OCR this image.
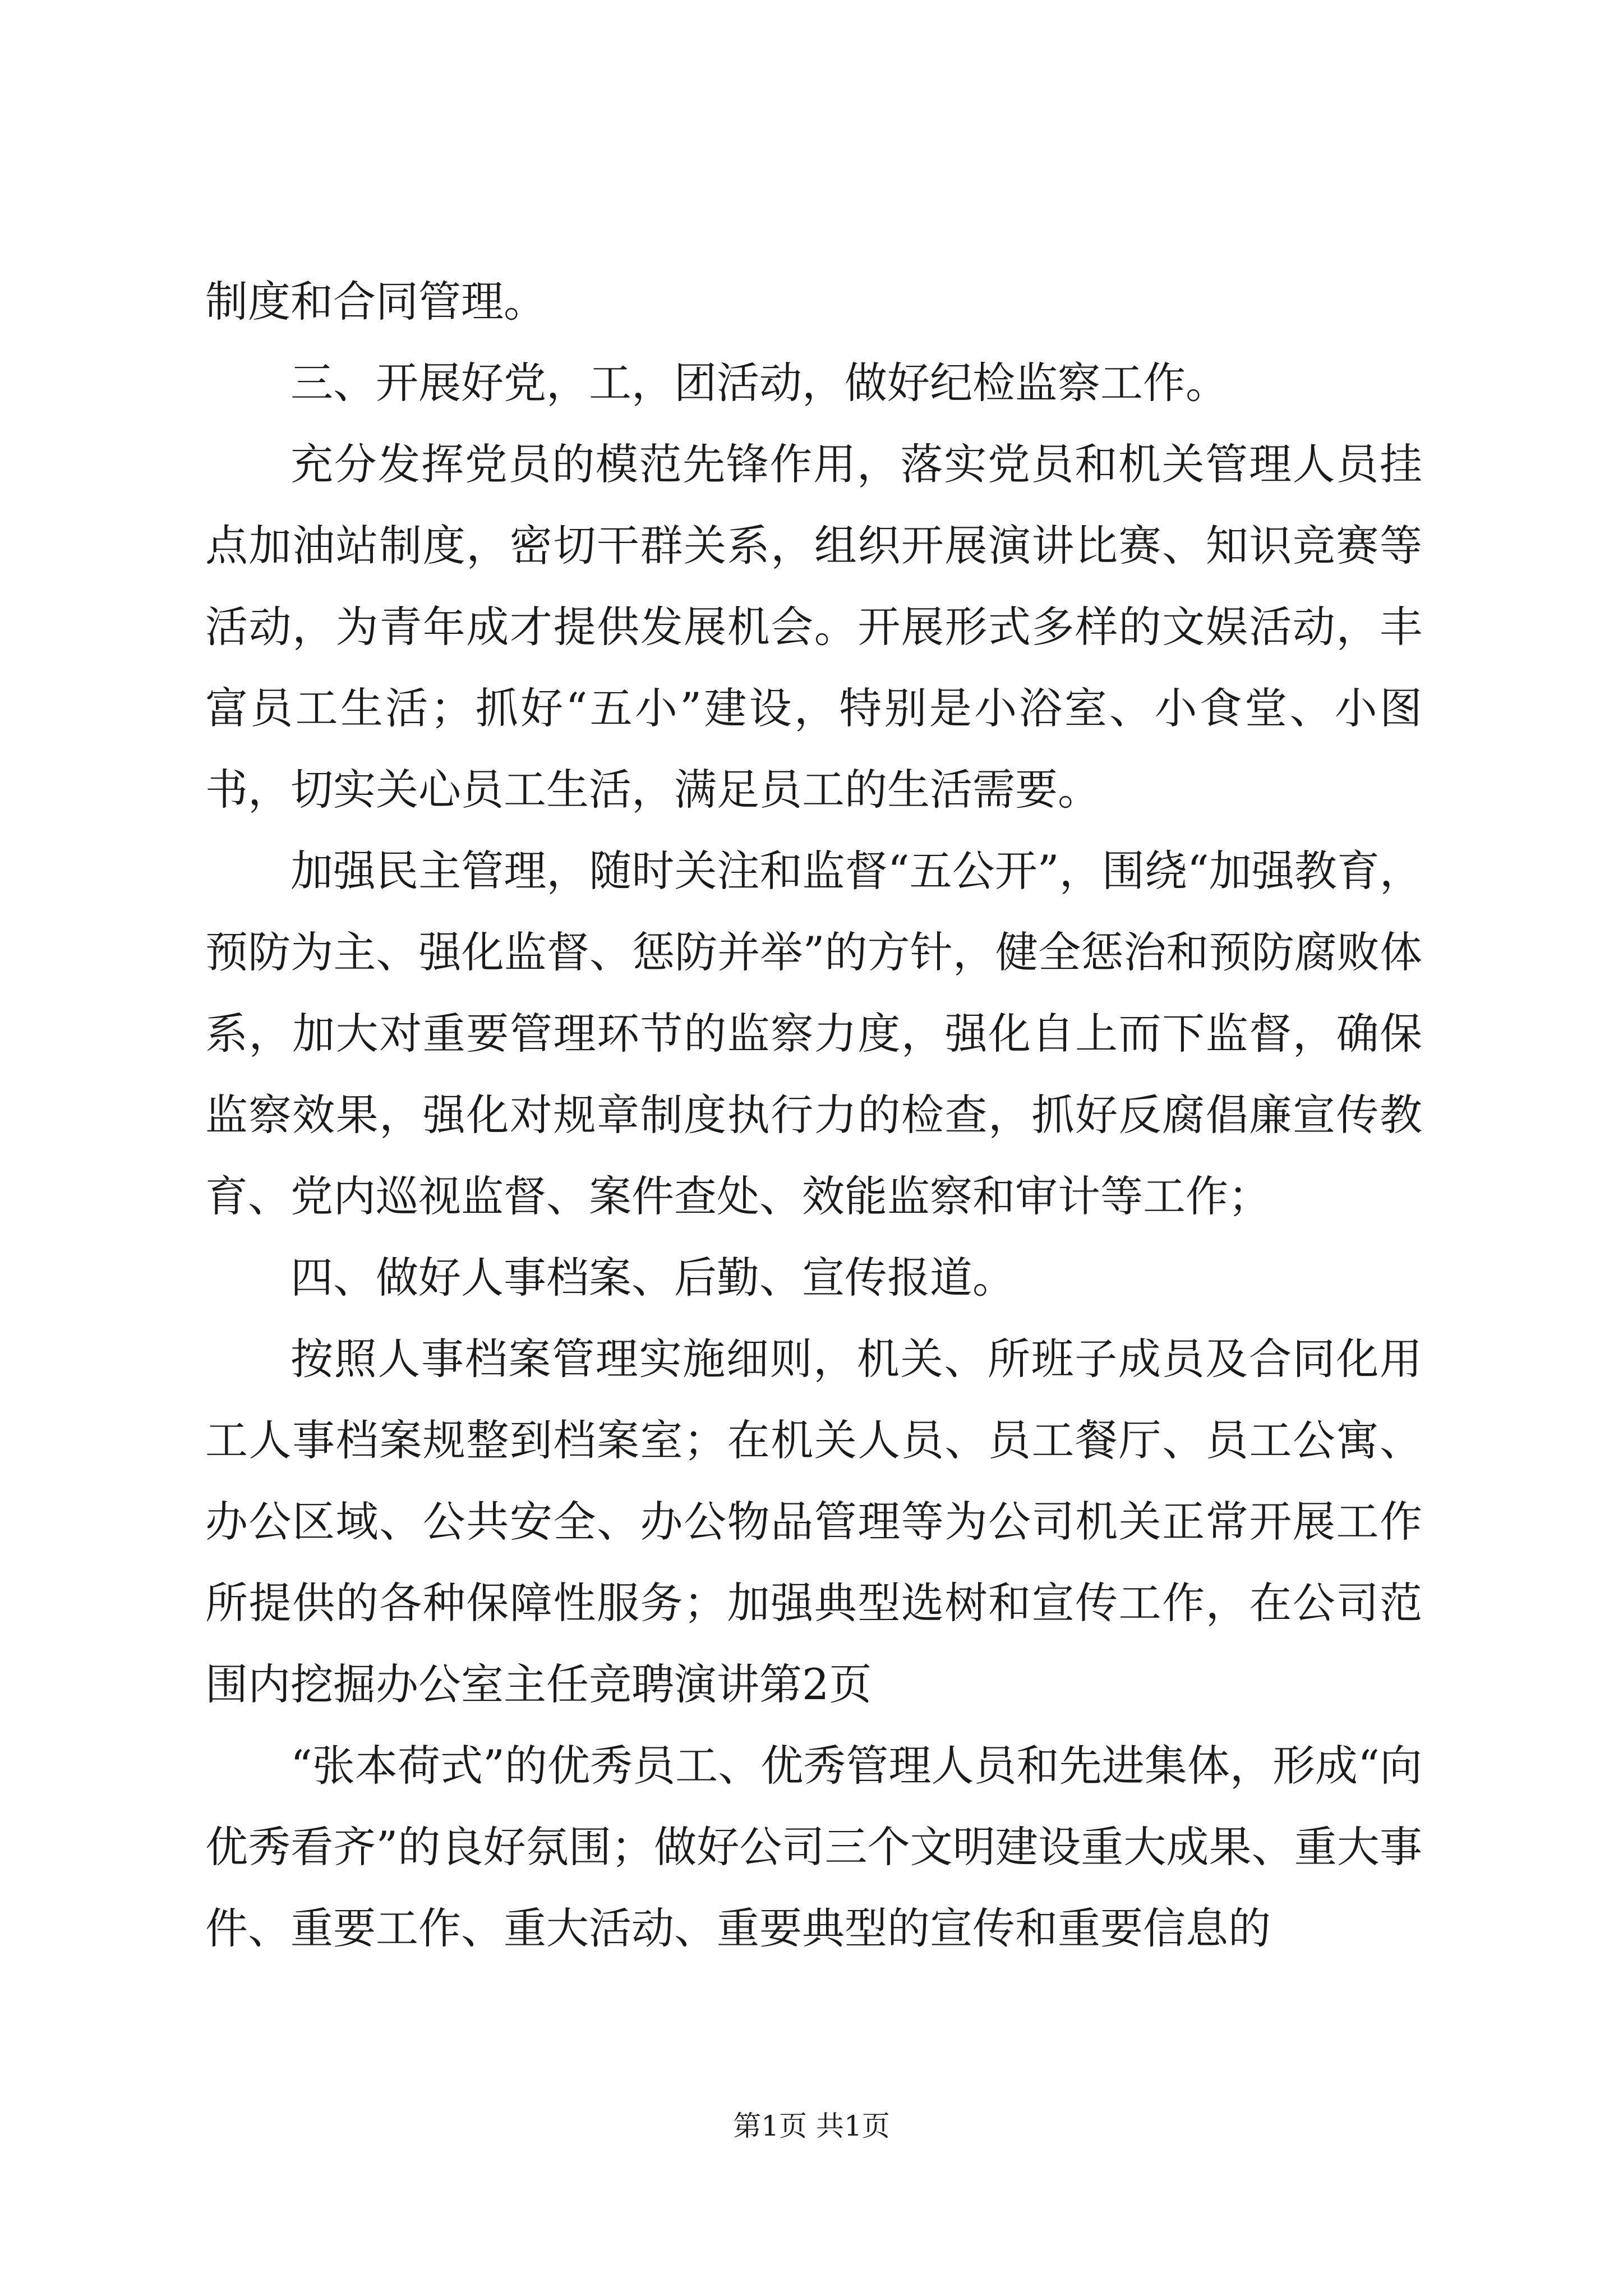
制度和合同管理。

三、开展好党，工，团活动，做好纪检监察工作。

充分发挥党员的模范先锋作用，落实党员和机关管理人员挂点加油站制度，密切干群关系，组织开展演讲比赛、知识竞赛等活动，为青年成才提供发展机会。开展形式多样的文娱活动，丰富员工生活；抓好“五小”建设，特别是小浴室、小食堂、小图书，切实关心员工生活，满足员工的生活需要。

加强民主管理，随时关注和监督“五公开”，围绕“加强教育，预防为主、强化监督、惩防并举”的方针，健全惩治和预防腐败体系，加大对重要管理环节的监察力度，强化自上而下监督，确保监察效果，强化对规章制度执行力的检查，抓好反腐倡廉宣传教育、党内巡视监督、案件查处、效能监察和审计等工作；

四、做好人事档案、后勤、宣传报道。

按照人事档案管理实施细则，机关、所班子成员及合同化用工人事档案规整到档案室；在机关人员、员工餐厅、员工公寓、办公区域、公共安全、办公物品管理等为公司机关正常开展工作所提供的各种保障性服务；加强典型选树和宣传工作，在公司范围内挖掘办公室主任竞聘演讲第2页

“张本荷式”的优秀员工、优秀管理人员和先进集体，形成“向优秀看齐”的良好氛围；做好公司三个文明建设重大成果、重大事件、重要工作、重大活动、重要典型的宣传和重要信息的

第1页 共1页
